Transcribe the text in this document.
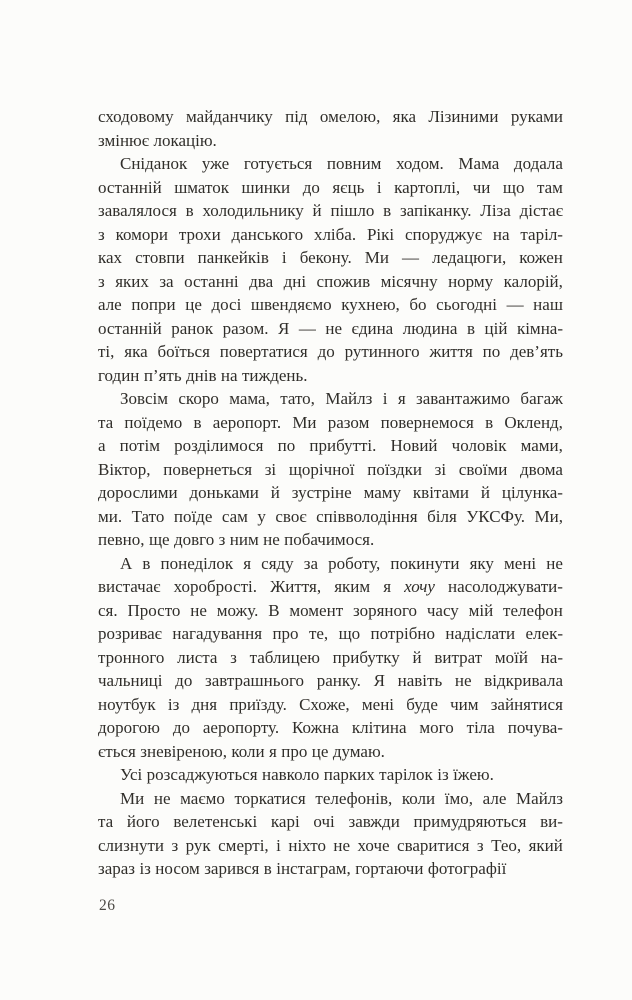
сходовому майданчику під омелою, яка Лізиними руками
змінює локацію.
Сніданок уже готується повним ходом. Мама додала
останній шматок шинки до яєць і картоплі, чи що там
завалялося в холодильнику й пішло в запіканку. Ліза дістає
з комори трохи данського хліба. Рікі споруджує на таріл-
ках стовпи панкейків і бекону. Ми — ледацюги, кожен
з яких за останні два дні спожив місячну норму калорій,
але попри це досі швендяємо кухнею, бо сьогодні — наш
останній ранок разом. Я — не єдина людина в цій кімна-
ті, яка боїться повертатися до рутинного життя по дев’ять
годин п’ять днів на тиждень.
Зовсім скоро мама, тато, Майлз і я завантажимо багаж
та поїдемо в аеропорт. Ми разом повернемося в Окленд,
а потім розділимося по прибутті. Новий чоловік мами,
Віктор, повернеться зі щорічної поїздки зі своїми двома
дорослими доньками й зустріне маму квітами й цілунка-
ми. Тато поїде сам у своє співволодіння біля УКСФу. Ми,
певно, ще довго з ним не побачимося.
А в понеділок я сяду за роботу, покинути яку мені не
вистачає хоробрості. Життя, яким я хочу насолоджувати-
ся. Просто не можу. В момент зоряного часу мій телефон
розриває нагадування про те, що потрібно надіслати елек-
тронного листа з таблицею прибутку й витрат моїй на-
чальниці до завтрашнього ранку. Я навіть не відкривала
ноутбук із дня приїзду. Схоже, мені буде чим зайнятися
дорогою до аеропорту. Кожна клітина мого тіла почува-
ється зневіреною, коли я про це думаю.
Усі розсаджуються навколо парких тарілок із їжею.
Ми не маємо торкатися телефонів, коли їмо, але Майлз
та його велетенські карі очі завжди примудряються ви-
слизнути з рук смерті, і ніхто не хоче сваритися з Тео, який
зараз із носом зарився в інстаграм, гортаючи фотографії
26
